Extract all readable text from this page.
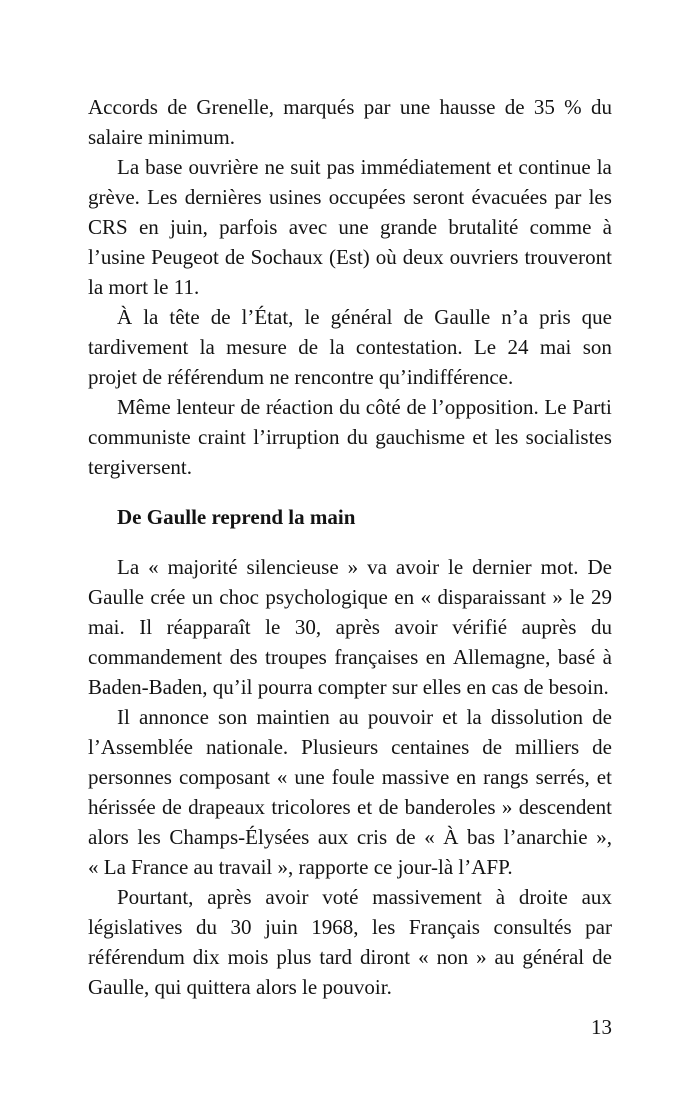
Accords de Grenelle, marqués par une hausse de 35 % du
salaire minimum.
La base ouvrière ne suit pas immédiatement et continue la
grève. Les dernières usines occupées seront évacuées par les
CRS en juin, parfois avec une grande brutalité comme à
l’usine Peugeot de Sochaux (Est) où deux ouvriers trouveront
la mort le 11.
À la tête de l’État, le général de Gaulle n’a pris que
tardivement la mesure de la contestation. Le 24 mai son
projet de référendum ne rencontre qu’indifférence.
Même lenteur de réaction du côté de l’opposition. Le Parti
communiste craint l’irruption du gauchisme et les socialistes
tergiversent.
De Gaulle reprend la main
La « majorité silencieuse » va avoir le dernier mot. De
Gaulle crée un choc psychologique en « disparaissant » le 29
mai. Il réapparaît le 30, après avoir vérifié auprès du
commandement des troupes françaises en Allemagne, basé à
Baden-Baden, qu’il pourra compter sur elles en cas de besoin.
Il annonce son maintien au pouvoir et la dissolution de
l’Assemblée nationale. Plusieurs centaines de milliers de
personnes composant « une foule massive en rangs serrés, et
hérissée de drapeaux tricolores et de banderoles » descendent
alors les Champs-Élysées aux cris de « À bas l’anarchie »,
« La France au travail », rapporte ce jour-là l’AFP.
Pourtant, après avoir voté massivement à droite aux
législatives du 30 juin 1968, les Français consultés par
référendum dix mois plus tard diront « non » au général de
Gaulle, qui quittera alors le pouvoir.
13
